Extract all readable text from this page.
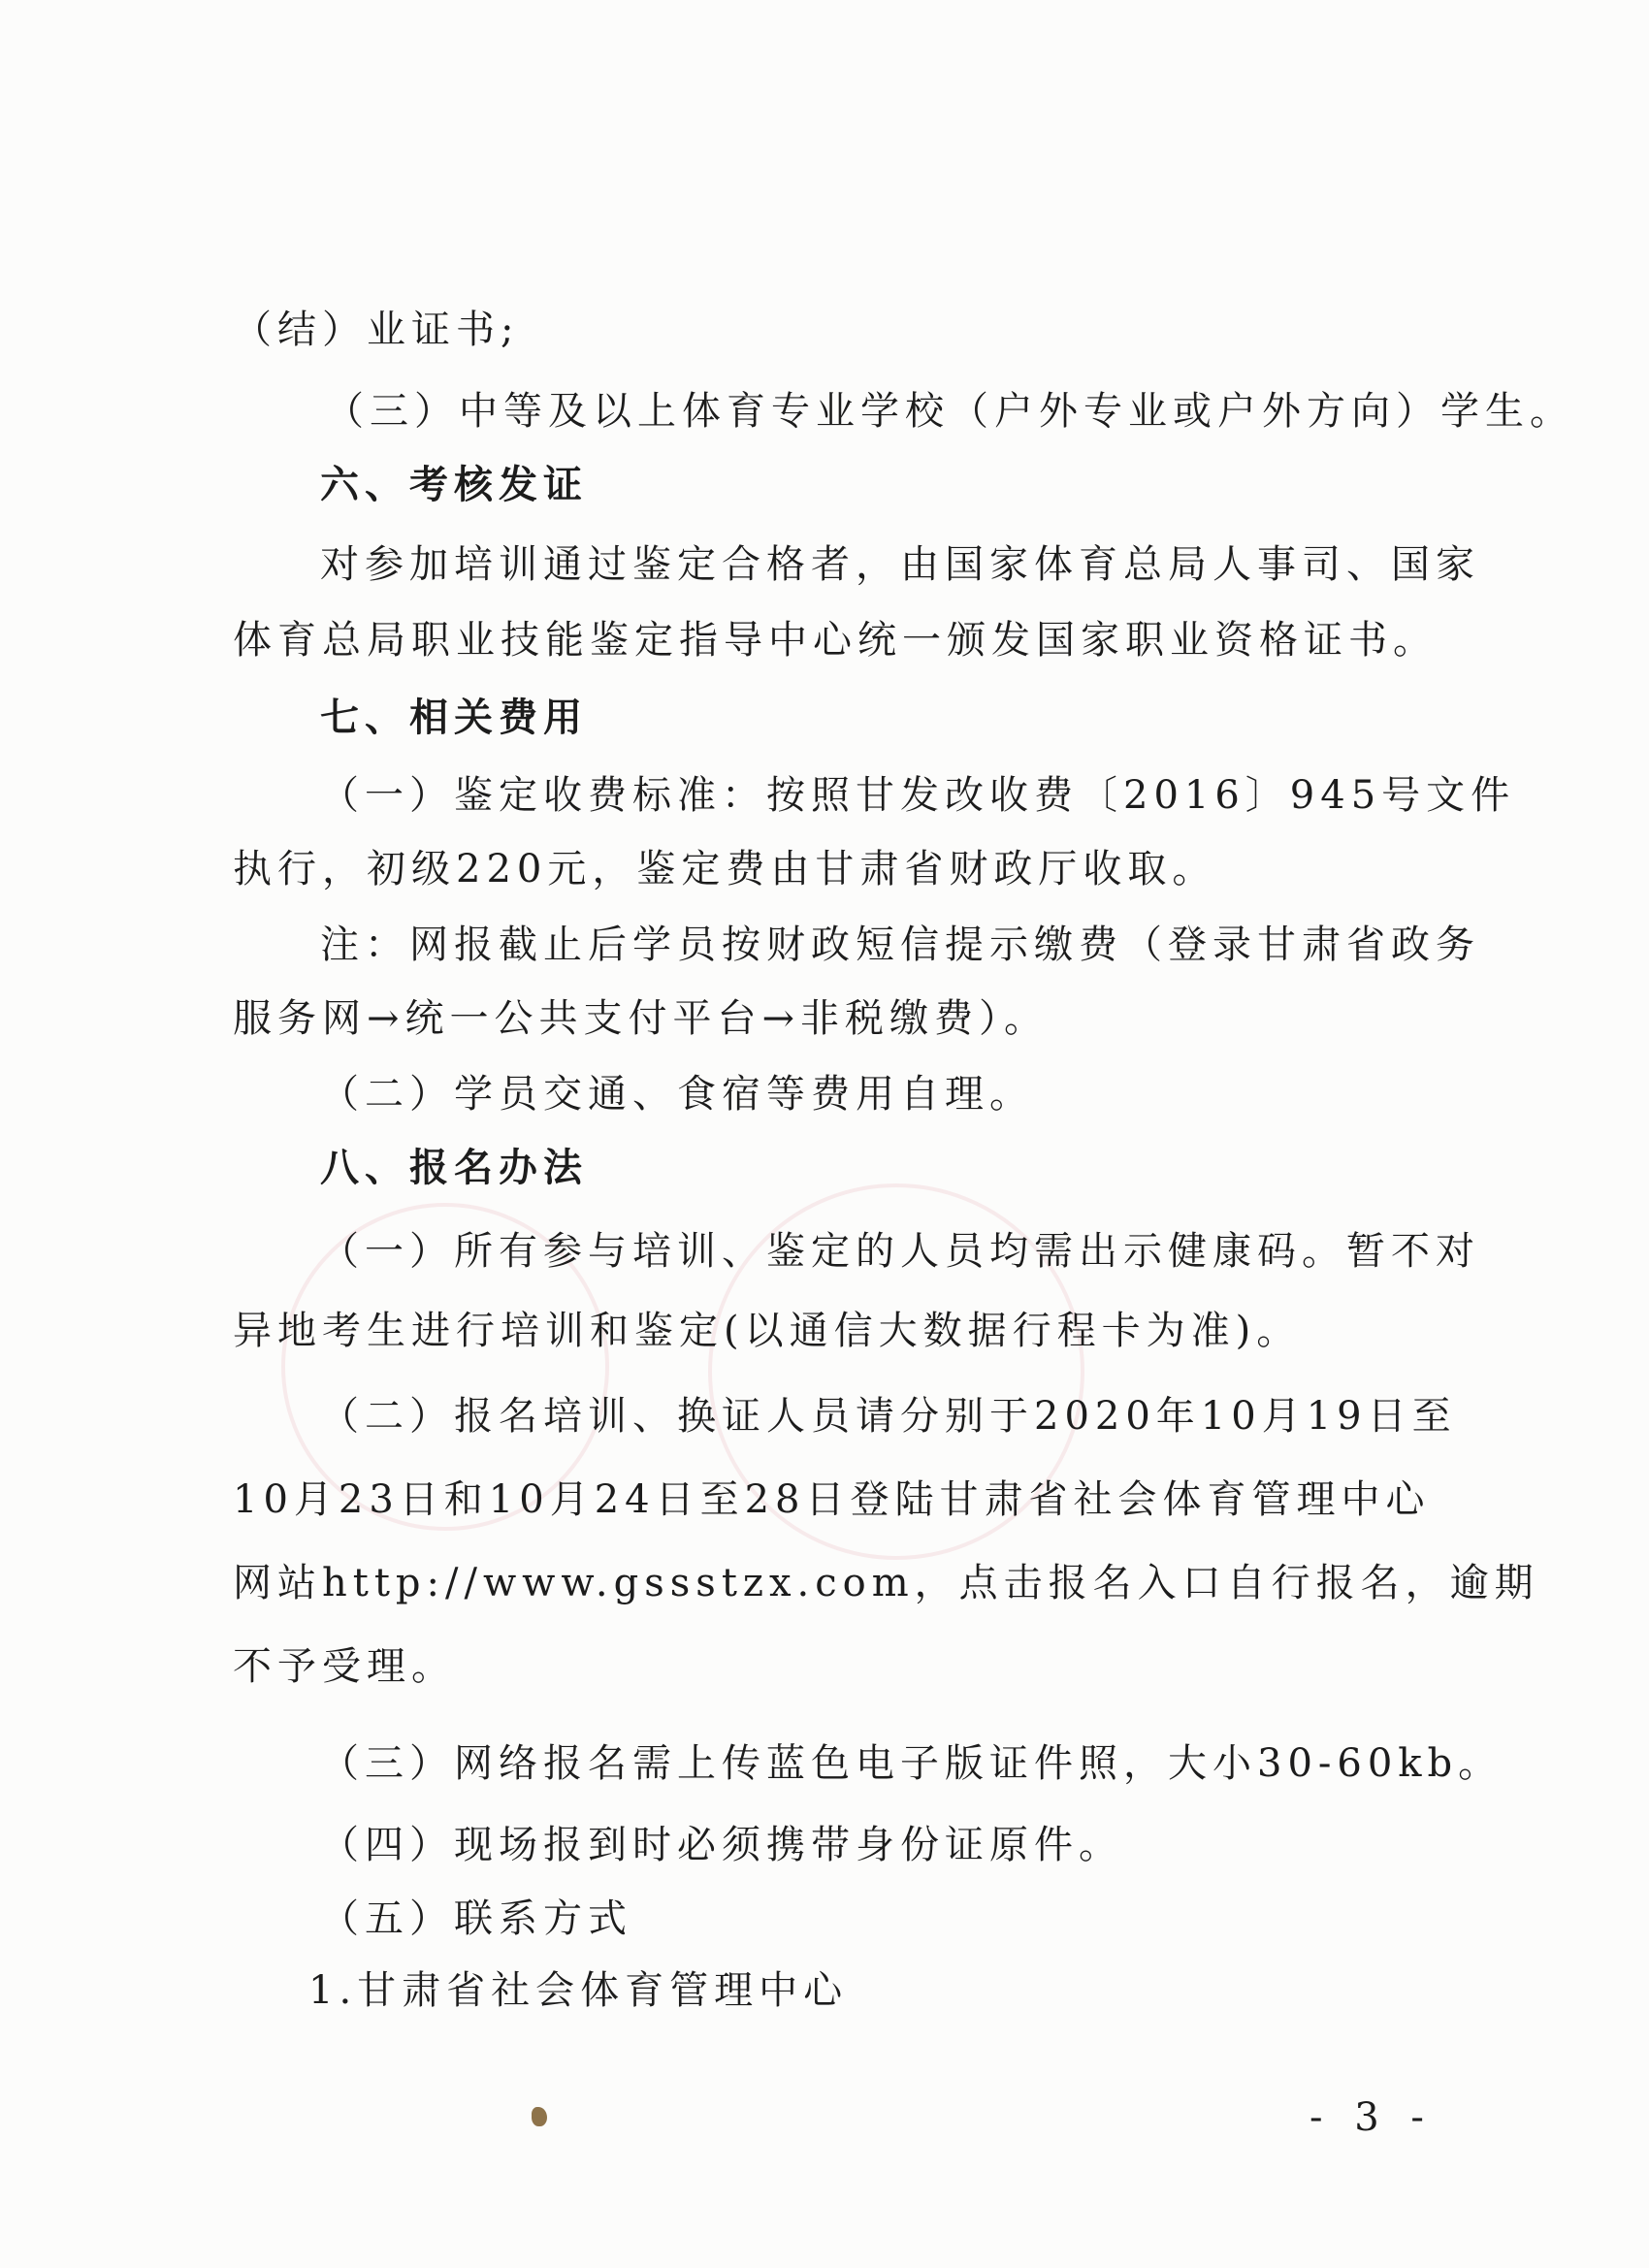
（结）业证书;
（三）中等及以上体育专业学校（户外专业或户外方向）学生。
六、考核发证
对参加培训通过鉴定合格者，由国家体育总局人事司、国家
体育总局职业技能鉴定指导中心统一颁发国家职业资格证书。
七、相关费用
（一）鉴定收费标准：按照甘发改收费〔2016〕945号文件
执行，初级220元，鉴定费由甘肃省财政厅收取。
注：网报截止后学员按财政短信提示缴费（登录甘肃省政务
服务网→统一公共支付平台→非税缴费）。
（二）学员交通、食宿等费用自理。
八、报名办法
（一）所有参与培训、鉴定的人员均需出示健康码。暂不对
异地考生进行培训和鉴定(以通信大数据行程卡为准)。
（二）报名培训、换证人员请分别于2020年10月19日至
10月23日和10月24日至28日登陆甘肃省社会体育管理中心
网站http://www.gssstzx.com，点击报名入口自行报名，逾期
不予受理。
（三）网络报名需上传蓝色电子版证件照，大小30-60kb。
（四）现场报到时必须携带身份证原件。
（五）联系方式
1.甘肃省社会体育管理中心
- 3 -
